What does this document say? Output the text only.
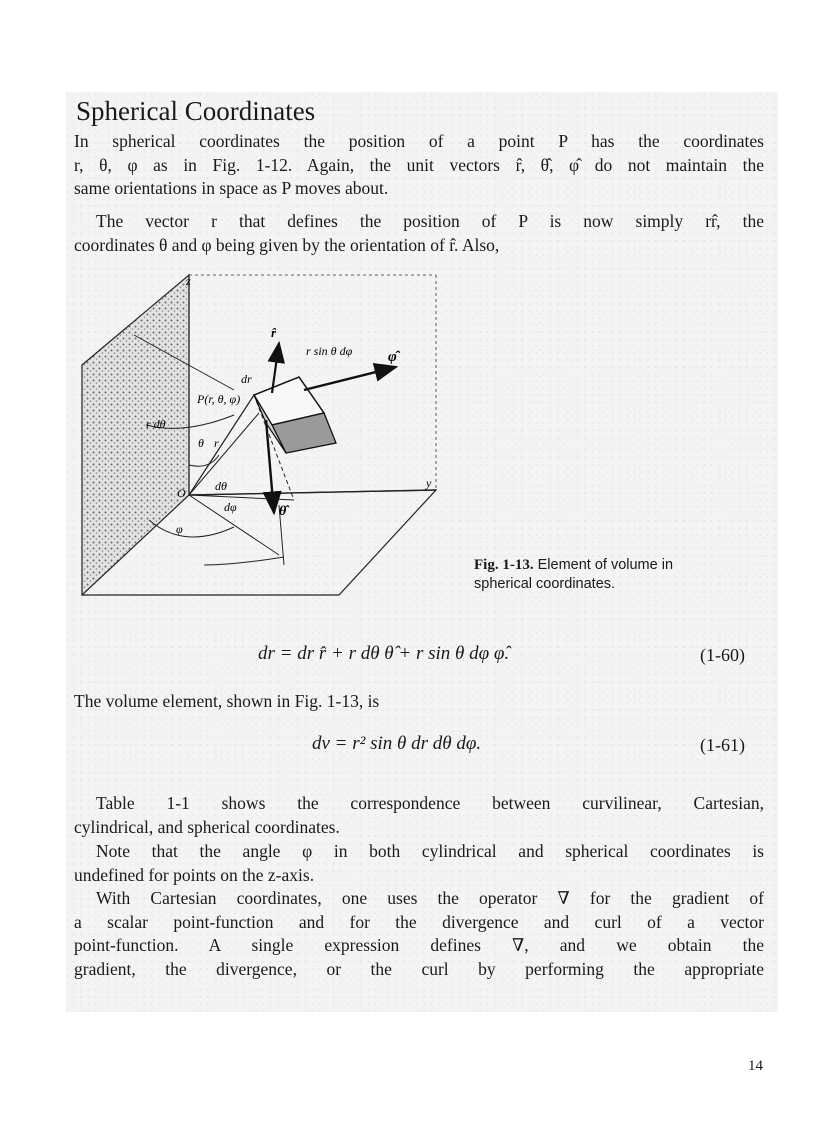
Spherical Coordinates
In spherical coordinates the position of a point P has the coordinates
r, θ, φ as in Fig. 1-12. Again, the unit vectors r̂, θ̂, φ̂ do not maintain the
same orientations in space as P moves about.
The vector r that defines the position of P is now simply rr̂, the
coordinates θ and φ being given by the orientation of r̂. Also,
z
r̂
r sin θ dφ φ̂
dr
P(r, θ, φ)
r dθ
θ r
dθ
O
y
dφ	θ̂
φ
Fig. 1-13. Element of volume in
spherical coordinates.
dr = dr r̂ + r dθ θ̂ + r sin θ dφ φ̂.	(1-60)
The volume element, shown in Fig. 1-13, is
dv = r² sin θ dr dθ dφ.	(1-61)
Table 1-1 shows the correspondence between curvilinear, Cartesian,
cylindrical, and spherical coordinates.
Note that the angle φ in both cylindrical and spherical coordinates is
undefined for points on the z-axis.
With Cartesian coordinates, one uses the operator ∇ for the gradient of
a scalar point-function and for the divergence and curl of a vector
point-function. A single expression defines ∇, and we obtain the
gradient, the divergence, or the curl by performing the appropriate
14
